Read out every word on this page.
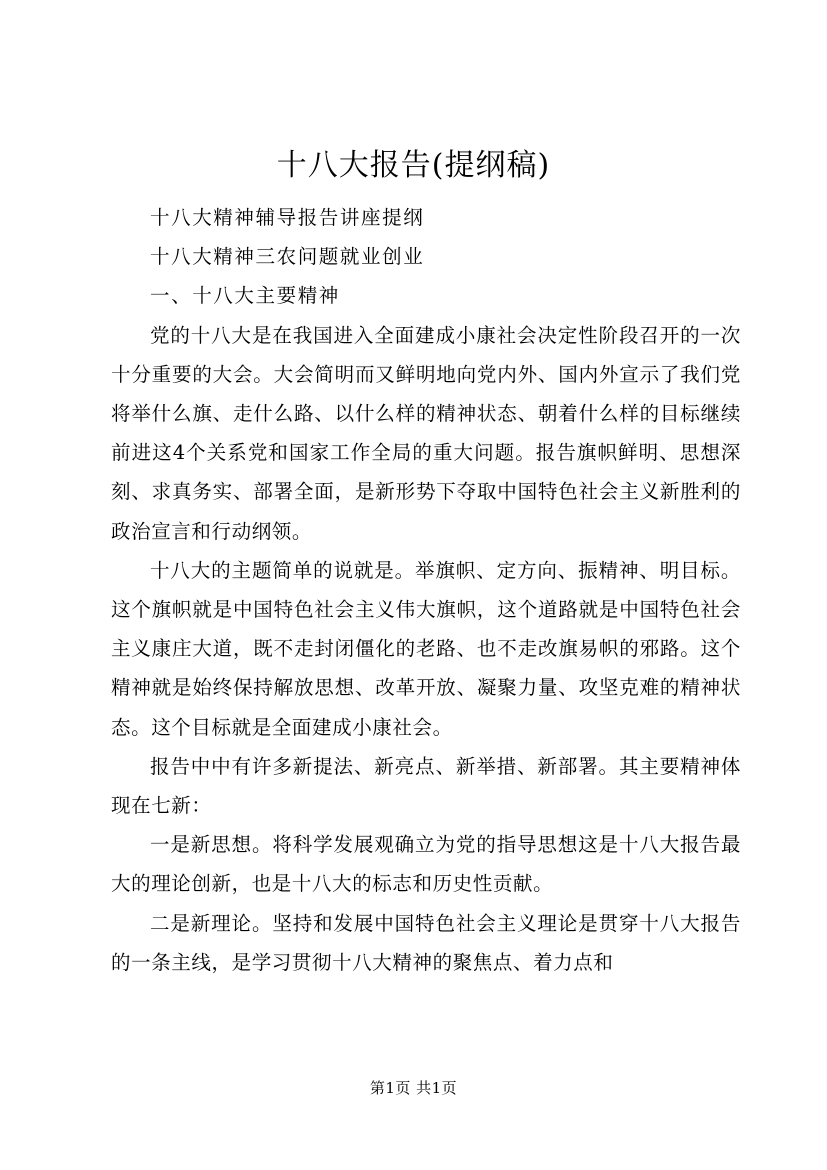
十八大报告(提纲稿)

十八大精神辅导报告讲座提纲

十八大精神三农问题就业创业

一、十八大主要精神

党的十八大是在我国进入全面建成小康社会决定性阶段召开的一次十分重要的大会。大会简明而又鲜明地向党内外、国内外宣示了我们党将举什么旗、走什么路、以什么样的精神状态、朝着什么样的目标继续前进这4个关系党和国家工作全局的重大问题。报告旗帜鲜明、思想深刻、求真务实、部署全面，是新形势下夺取中国特色社会主义新胜利的政治宣言和行动纲领。

十八大的主题简单的说就是。举旗帜、定方向、振精神、明目标。这个旗帜就是中国特色社会主义伟大旗帜，这个道路就是中国特色社会主义康庄大道，既不走封闭僵化的老路、也不走改旗易帜的邪路。这个精神就是始终保持解放思想、改革开放、凝聚力量、攻坚克难的精神状态。这个目标就是全面建成小康社会。

报告中中有许多新提法、新亮点、新举措、新部署。其主要精神体现在七新：

一是新思想。将科学发展观确立为党的指导思想这是十八大报告最大的理论创新，也是十八大的标志和历史性贡献。

二是新理论。坚持和发展中国特色社会主义理论是贯穿十八大报告的一条主线，是学习贯彻十八大精神的聚焦点、着力点和

第1页 共1页
